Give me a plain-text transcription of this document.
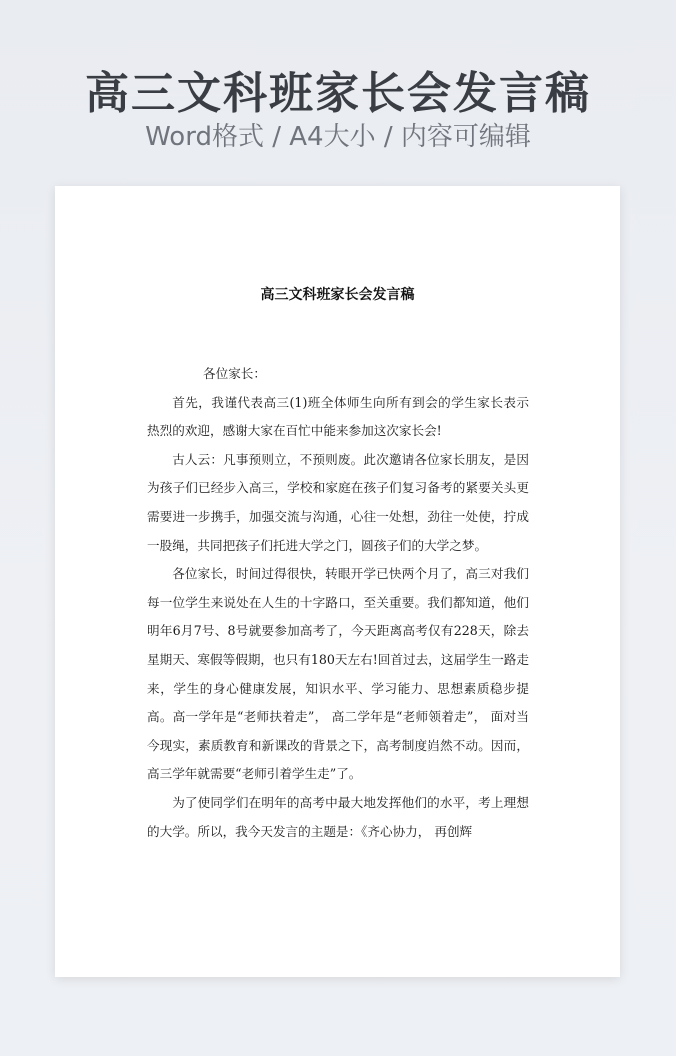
高三文科班家长会发言稿
Word格式 / A4大小 / 内容可编辑
高三文科班家长会发言稿

各位家长：

首先，我谨代表高三(1)班全体师生向所有到会的学生家长表示热烈的欢迎，感谢大家在百忙中能来参加这次家长会!

古人云：凡事预则立，不预则废。此次邀请各位家长朋友，是因为孩子们已经步入高三，学校和家庭在孩子们复习备考的紧要关头更需要进一步携手，加强交流与沟通，心往一处想，劲往一处使，拧成一股绳，共同把孩子们托进大学之门，圆孩子们的大学之梦。

各位家长，时间过得很快，转眼开学已快两个月了，高三对我们每一位学生来说处在人生的十字路口，至关重要。我们都知道，他们明年6月7号、8号就要参加高考了，今天距离高考仅有228天，除去星期天、寒假等假期，也只有180天左右!回首过去，这届学生一路走来，学生的身心健康发展，知识水平、学习能力、思想素质稳步提高。高一学年是“老师扶着走”， 高二学年是“老师领着走”， 面对当今现实，素质教育和新课改的背景之下，高考制度岿然不动。因而，高三学年就需要“老师引着学生走”了。

为了使同学们在明年的高考中最大地发挥他们的水平，考上理想的大学。所以，我今天发言的主题是：《齐心协力， 再创辉
